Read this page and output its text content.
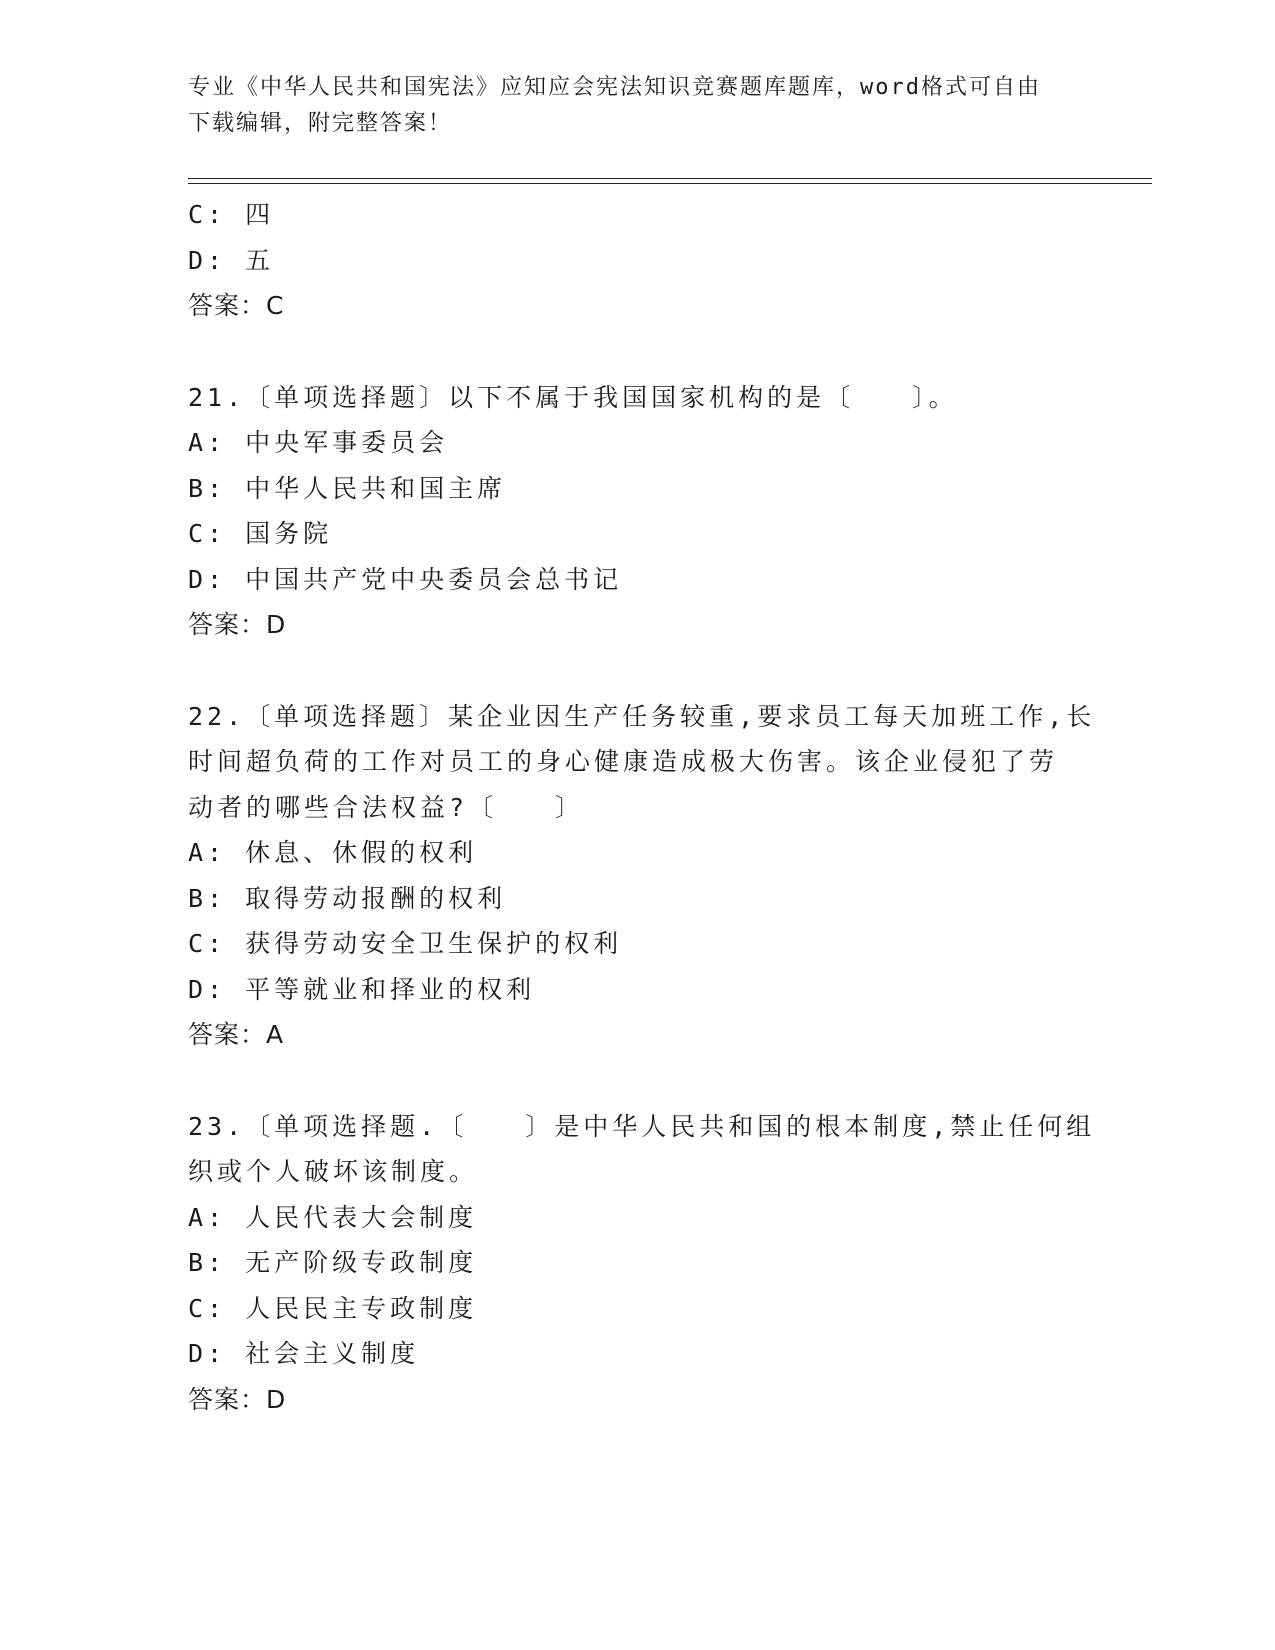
专业《中华人民共和国宪法》应知应会宪法知识竞赛题库题库，word格式可自由
下载编辑，附完整答案！
C: 四
D: 五
答案：C
21.〔单项选择题〕以下不属于我国国家机构的是〔　　〕。
A: 中央军事委员会
B: 中华人民共和国主席
C: 国务院
D: 中国共产党中央委员会总书记
答案：D
22.〔单项选择题〕某企业因生产任务较重,要求员工每天加班工作,长
时间超负荷的工作对员工的身心健康造成极大伤害。该企业侵犯了劳
动者的哪些合法权益?〔　　〕
A: 休息、休假的权利
B: 取得劳动报酬的权利
C: 获得劳动安全卫生保护的权利
D: 平等就业和择业的权利
答案：A
23.〔单项选择题.〔　　〕是中华人民共和国的根本制度,禁止任何组
织或个人破坏该制度。
A: 人民代表大会制度
B: 无产阶级专政制度
C: 人民民主专政制度
D: 社会主义制度
答案：D
